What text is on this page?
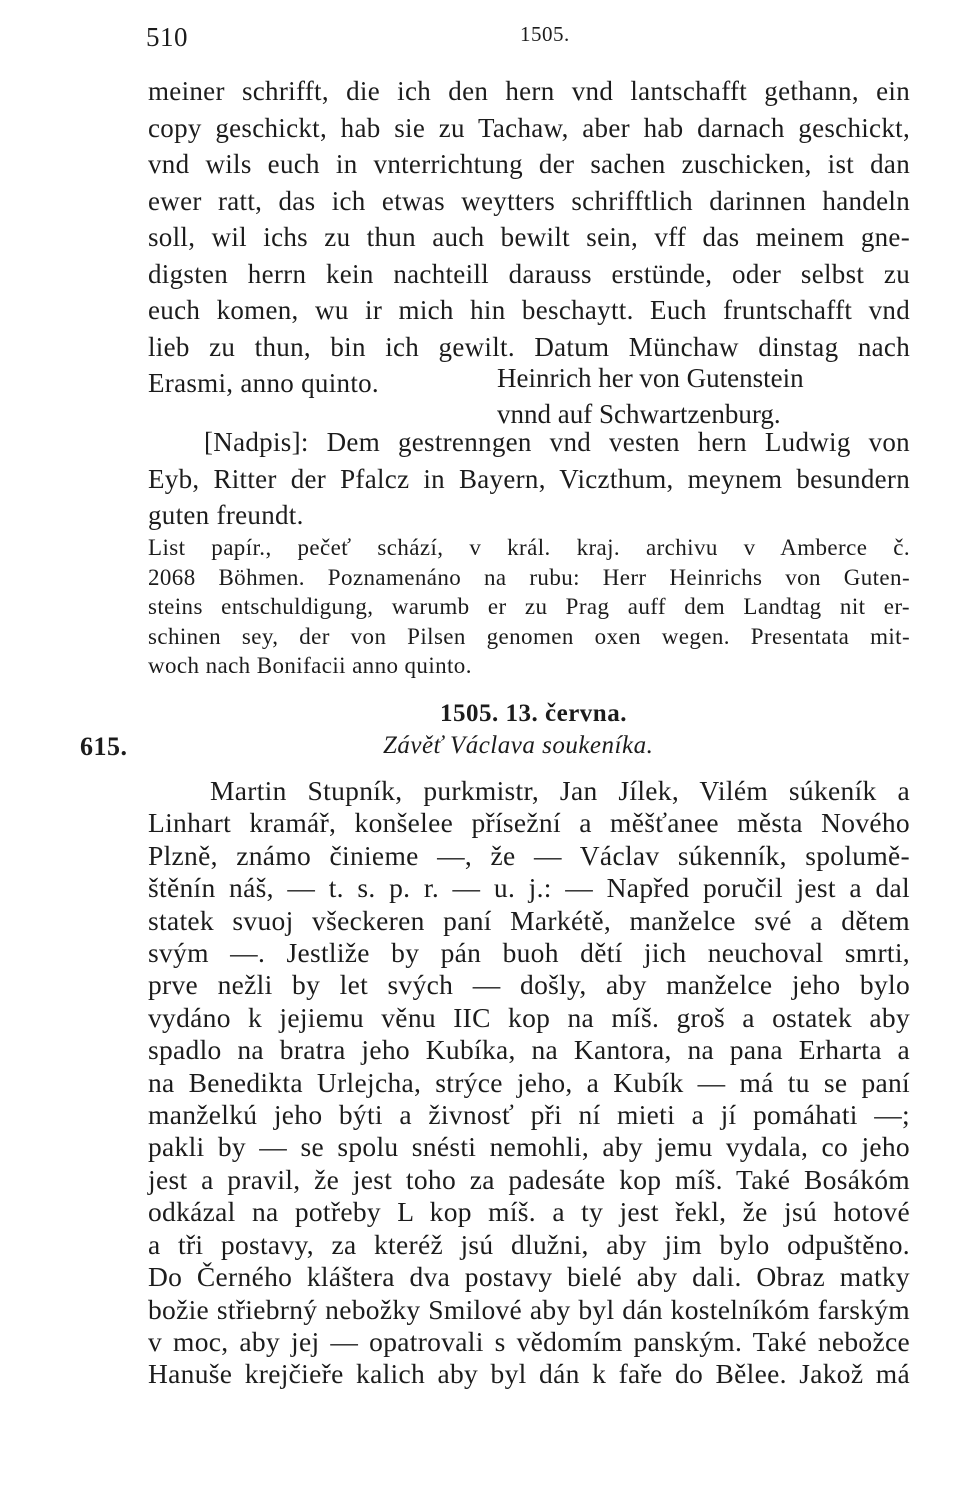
510	1505.
meiner schrifft, die ich den hern vnd lantschafft gethann, ein
copy geschickt, hab sie zu Tachaw, aber hab darnach geschickt,
vnd wils euch in vnterrichtung der sachen zuschicken, ist dan
ewer ratt, das ich etwas weytters schrifftlich darinnen handeln
soll, wil ichs zu thun auch bewilt sein, vff das meinem gne-
digsten herrn kein nachteill darauss erstünde, oder selbst zu
euch komen, wu ir mich hin beschaytt. Euch fruntschafft vnd
lieb zu thun, bin ich gewilt. Datum Münchaw dinstag nach
Erasmi, anno quinto.	Heinrich her von Gutenstein
vnnd auf Schwartzenburg.
[Nadpis]: Dem gestrenngen vnd vesten hern Ludwig von
Eyb, Ritter der Pfalcz in Bayern, Viczthum, meynem besundern
guten freundt.
List papír., pečeť schází, v král. kraj. archivu v Amberce č.
2068 Böhmen. Poznamenáno na rubu: Herr Heinrichs von Guten-
steins entschuldigung, warumb er zu Prag auff dem Landtag nit er-
schinen sey, der von Pilsen genomen oxen wegen. Presentata mit-
woch nach Bonifacii anno quinto.
1505. 13. června.
615.	Závěť Václava soukeníka.
Martin Stupník, purkmistr, Jan Jílek, Vilém súkeník a
Linhart kramář, konšelee přísežní a měšťanee města Nového
Plzně, známo činieme —, že — Václav súkenník, spolumě-
štěnín náš, — t. s. p. r. — u. j.: — Napřed poručil jest a dal
statek svuoj všeckeren paní Markétě, manželce své a dětem
svým —. Jestliže by pán buoh dětí jich neuchoval smrti,
prve nežli by let svých — došly, aby manželce jeho bylo
vydáno k jejiemu věnu IIC kop na míš. groš a ostatek aby
spadlo na bratra jeho Kubíka, na Kantora, na pana Erharta a
na Benedikta Urlejcha, strýce jeho, a Kubík — má tu se paní
manželkú jeho býti a živnosť při ní mieti a jí pomáhati —;
pakli by — se spolu snésti nemohli, aby jemu vydala, co jeho
jest a pravil, že jest toho za padesáte kop míš. Také Bosákóm
odkázal na potřeby L kop míš. a ty jest řekl, že jsú hotové
a tři postavy, za kteréž jsú dlužni, aby jim bylo odpuštěno.
Do Černého kláštera dva postavy bielé aby dali. Obraz matky
božie střiebrný nebožky Smilové aby byl dán kostelníkóm farským
v moc, aby jej — opatrovali s vědomím panským. Také nebožce
Hanuše krejčieře kalich aby byl dán k faře do Bělee. Jakož má
